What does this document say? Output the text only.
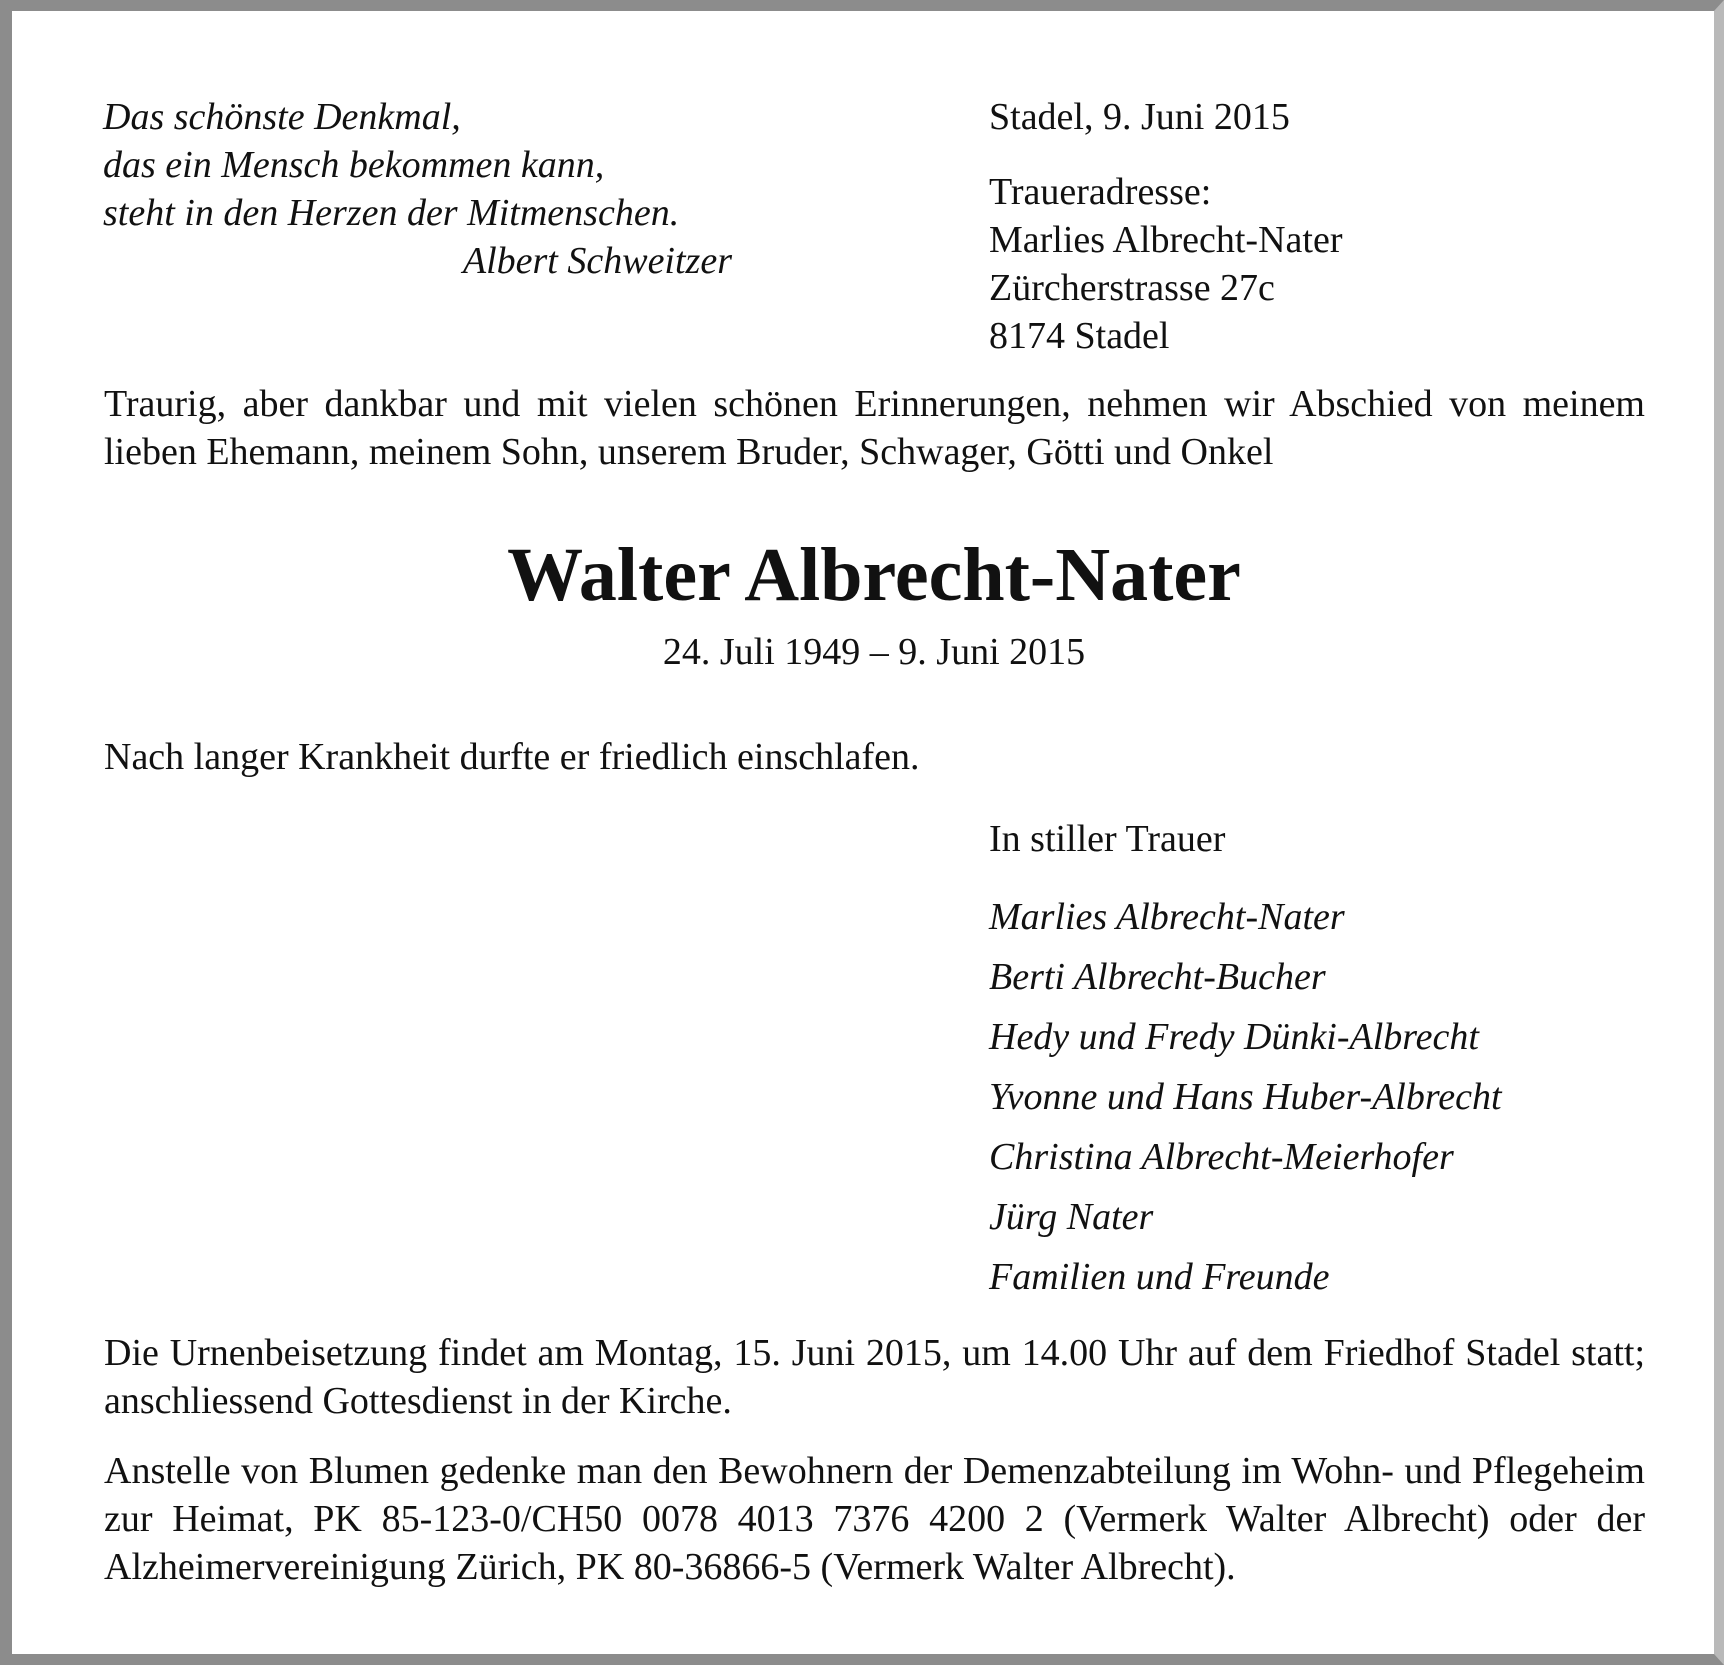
Das schönste Denkmal,
das ein Mensch bekommen kann,
steht in den Herzen der Mitmenschen.
Albert Schweitzer

Stadel, 9. Juni 2015

Traueradresse:
Marlies Albrecht-Nater
Zürcherstrasse 27c
8174 Stadel

Traurig, aber dankbar und mit vielen schönen Erinnerungen, nehmen wir Abschied von meinem lieben Ehemann, meinem Sohn, unserem Bruder, Schwager, Götti und Onkel

Walter Albrecht-Nater

24. Juli 1949 – 9. Juni 2015

Nach langer Krankheit durfte er friedlich einschlafen.

In stiller Trauer

Marlies Albrecht-Nater
Berti Albrecht-Bucher
Hedy und Fredy Dünki-Albrecht
Yvonne und Hans Huber-Albrecht
Christina Albrecht-Meierhofer
Jürg Nater
Familien und Freunde

Die Urnenbeisetzung findet am Montag, 15. Juni 2015, um 14.00 Uhr auf dem Friedhof Stadel statt; anschliessend Gottesdienst in der Kirche.

Anstelle von Blumen gedenke man den Bewohnern der Demenzabteilung im Wohn- und Pflegeheim zur Heimat, PK 85-123-0/CH50 0078 4013 7376 4200 2 (Vermerk Walter Albrecht) oder der Alzheimervereinigung Zürich, PK 80-36866-5 (Vermerk Walter Albrecht).
